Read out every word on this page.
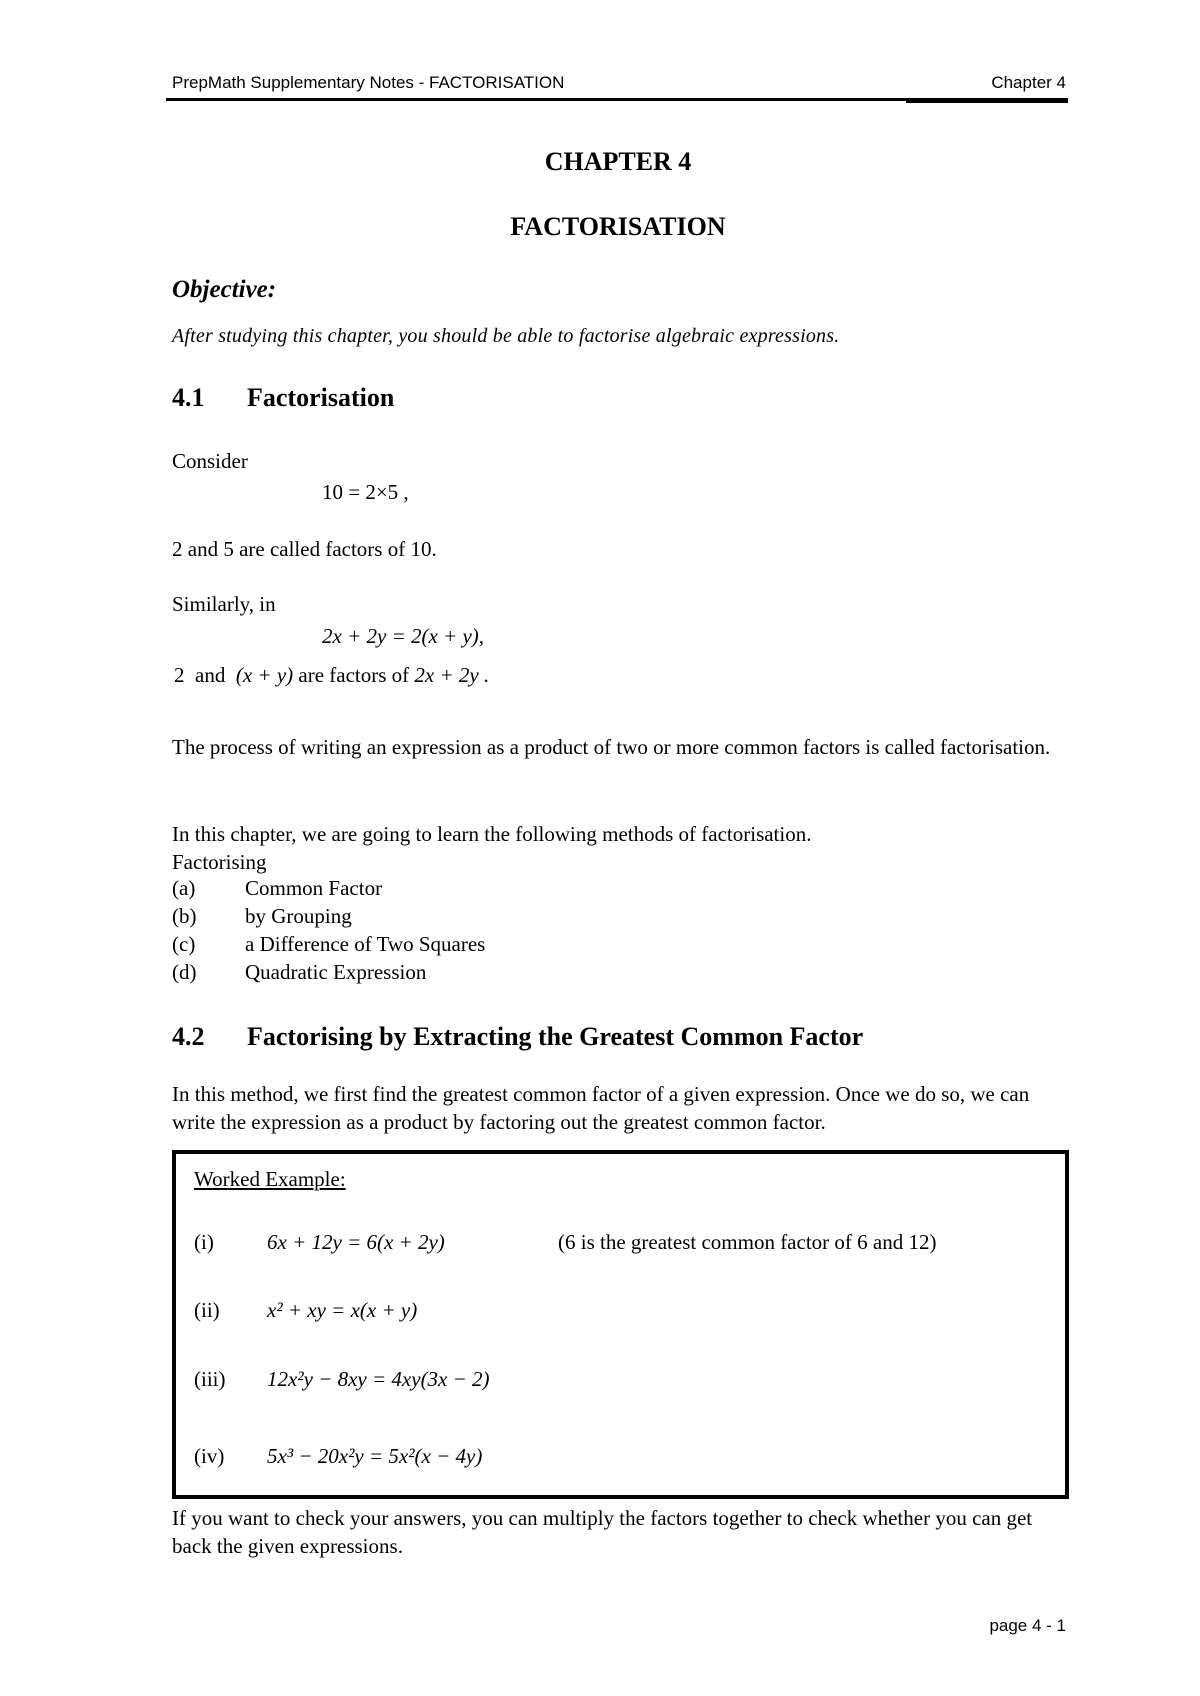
PrepMath Supplementary Notes - FACTORISATION	Chapter 4
CHAPTER 4
FACTORISATION
Objective:
After studying this chapter, you should be able to factorise algebraic expressions.
4.1 Factorisation
Consider
10 = 2×5 ,
2 and 5 are called factors of 10.
Similarly, in
2x + 2y = 2(x + y),
2 and (x + y) are factors of 2x + 2y .
The process of writing an expression as a product of two or more common factors is called factorisation.
In this chapter, we are going to learn the following methods of factorisation.
Factorising
(a) Common Factor
(b) by Grouping
(c) a Difference of Two Squares
(d) Quadratic Expression
4.2 Factorising by Extracting the Greatest Common Factor
In this method, we first find the greatest common factor of a given expression. Once we do so, we can write the expression as a product by factoring out the greatest common factor.
Worked Example:
(i)	6x + 12y = 6(x + 2y)	(6 is the greatest common factor of 6 and 12)
(ii) x² + xy = x(x + y)
(iii) 12x²y − 8xy = 4xy(3x − 2)
(iv) 5x³ − 20x²y = 5x²(x − 4y)
If you want to check your answers, you can multiply the factors together to check whether you can get back the given expressions.
page 4 - 1
